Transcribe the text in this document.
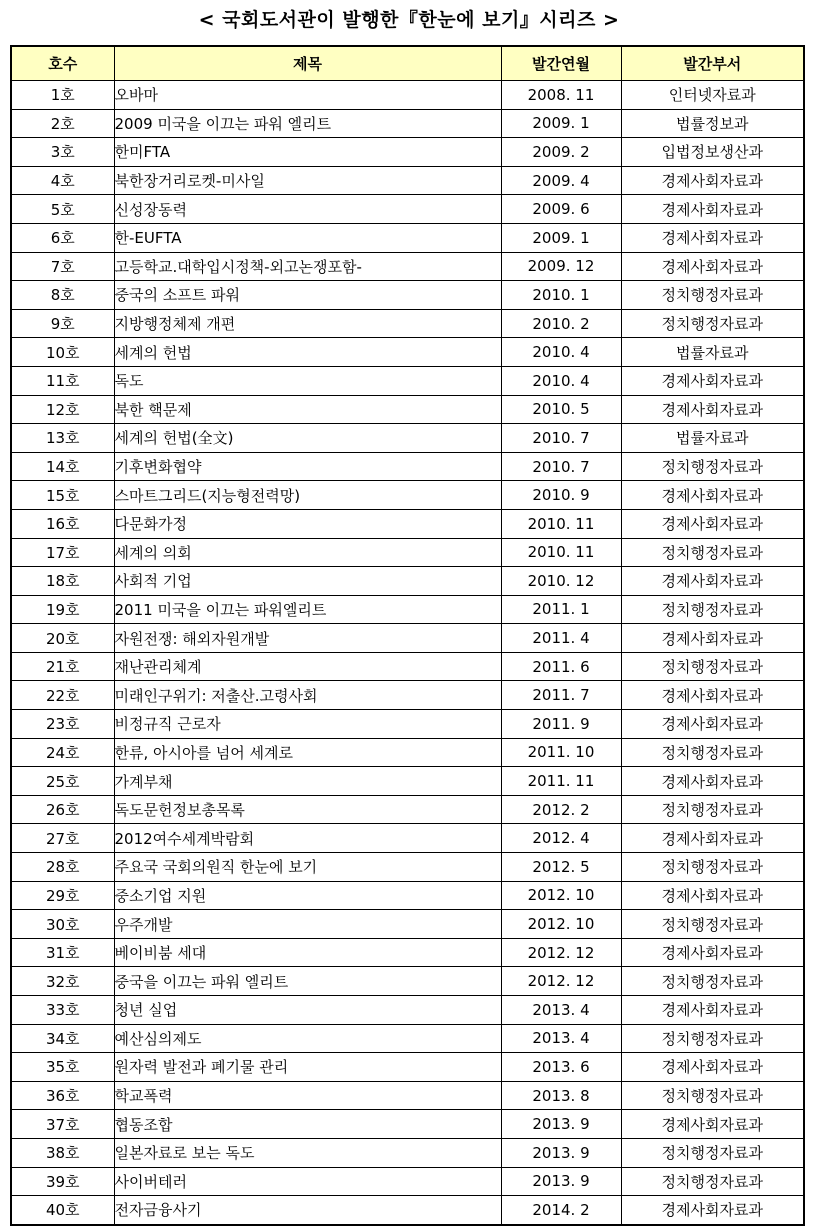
< 국회도서관이 발행한『한눈에 보기』시리즈 >
호수	제목	발간연월	발간부서
1호	오바마	2008. 11	인터넷자료과
2호	2009 미국을 이끄는 파워 엘리트	2009. 1	법률정보과
3호	한미FTA	2009. 2	입법정보생산과
4호	북한장거리로켓-미사일	2009. 4	경제사회자료과
5호	신성장동력	2009. 6	경제사회자료과
6호	한-EUFTA	2009. 1	경제사회자료과
7호	고등학교.대학입시정책-외고논쟁포함-	2009. 12	경제사회자료과
8호	중국의 소프트 파워	2010. 1	정치행정자료과
9호	지방행정체제 개편	2010. 2	정치행정자료과
10호	세계의 헌법	2010. 4	법률자료과
11호	독도	2010. 4	경제사회자료과
12호	북한 핵문제	2010. 5	경제사회자료과
13호	세계의 헌법(全文)	2010. 7	법률자료과
14호	기후변화협약	2010. 7	정치행정자료과
15호	스마트그리드(지능형전력망)	2010. 9	경제사회자료과
16호	다문화가정	2010. 11	경제사회자료과
17호	세계의 의회	2010. 11	정치행정자료과
18호	사회적 기업	2010. 12	경제사회자료과
19호	2011 미국을 이끄는 파워엘리트	2011. 1	정치행정자료과
20호	자원전쟁: 해외자원개발	2011. 4	경제사회자료과
21호	재난관리체계	2011. 6	정치행정자료과
22호	미래인구위기: 저출산.고령사회	2011. 7	경제사회자료과
23호	비정규직 근로자	2011. 9	경제사회자료과
24호	한류, 아시아를 넘어 세계로	2011. 10	정치행정자료과
25호	가계부채	2011. 11	경제사회자료과
26호	독도문헌정보총목록	2012. 2	정치행정자료과
27호	2012여수세계박람회	2012. 4	경제사회자료과
28호	주요국 국회의원직 한눈에 보기	2012. 5	정치행정자료과
29호	중소기업 지원	2012. 10	경제사회자료과
30호	우주개발	2012. 10	정치행정자료과
31호	베이비붐 세대	2012. 12	경제사회자료과
32호	중국을 이끄는 파워 엘리트	2012. 12	정치행정자료과
33호	청년 실업	2013. 4	경제사회자료과
34호	예산심의제도	2013. 4	정치행정자료과
35호	원자력 발전과 폐기물 관리	2013. 6	경제사회자료과
36호	학교폭력	2013. 8	정치행정자료과
37호	협동조합	2013. 9	경제사회자료과
38호	일본자료로 보는 독도	2013. 9	정치행정자료과
39호	사이버테러	2013. 9	정치행정자료과
40호	전자금융사기	2014. 2	경제사회자료과
